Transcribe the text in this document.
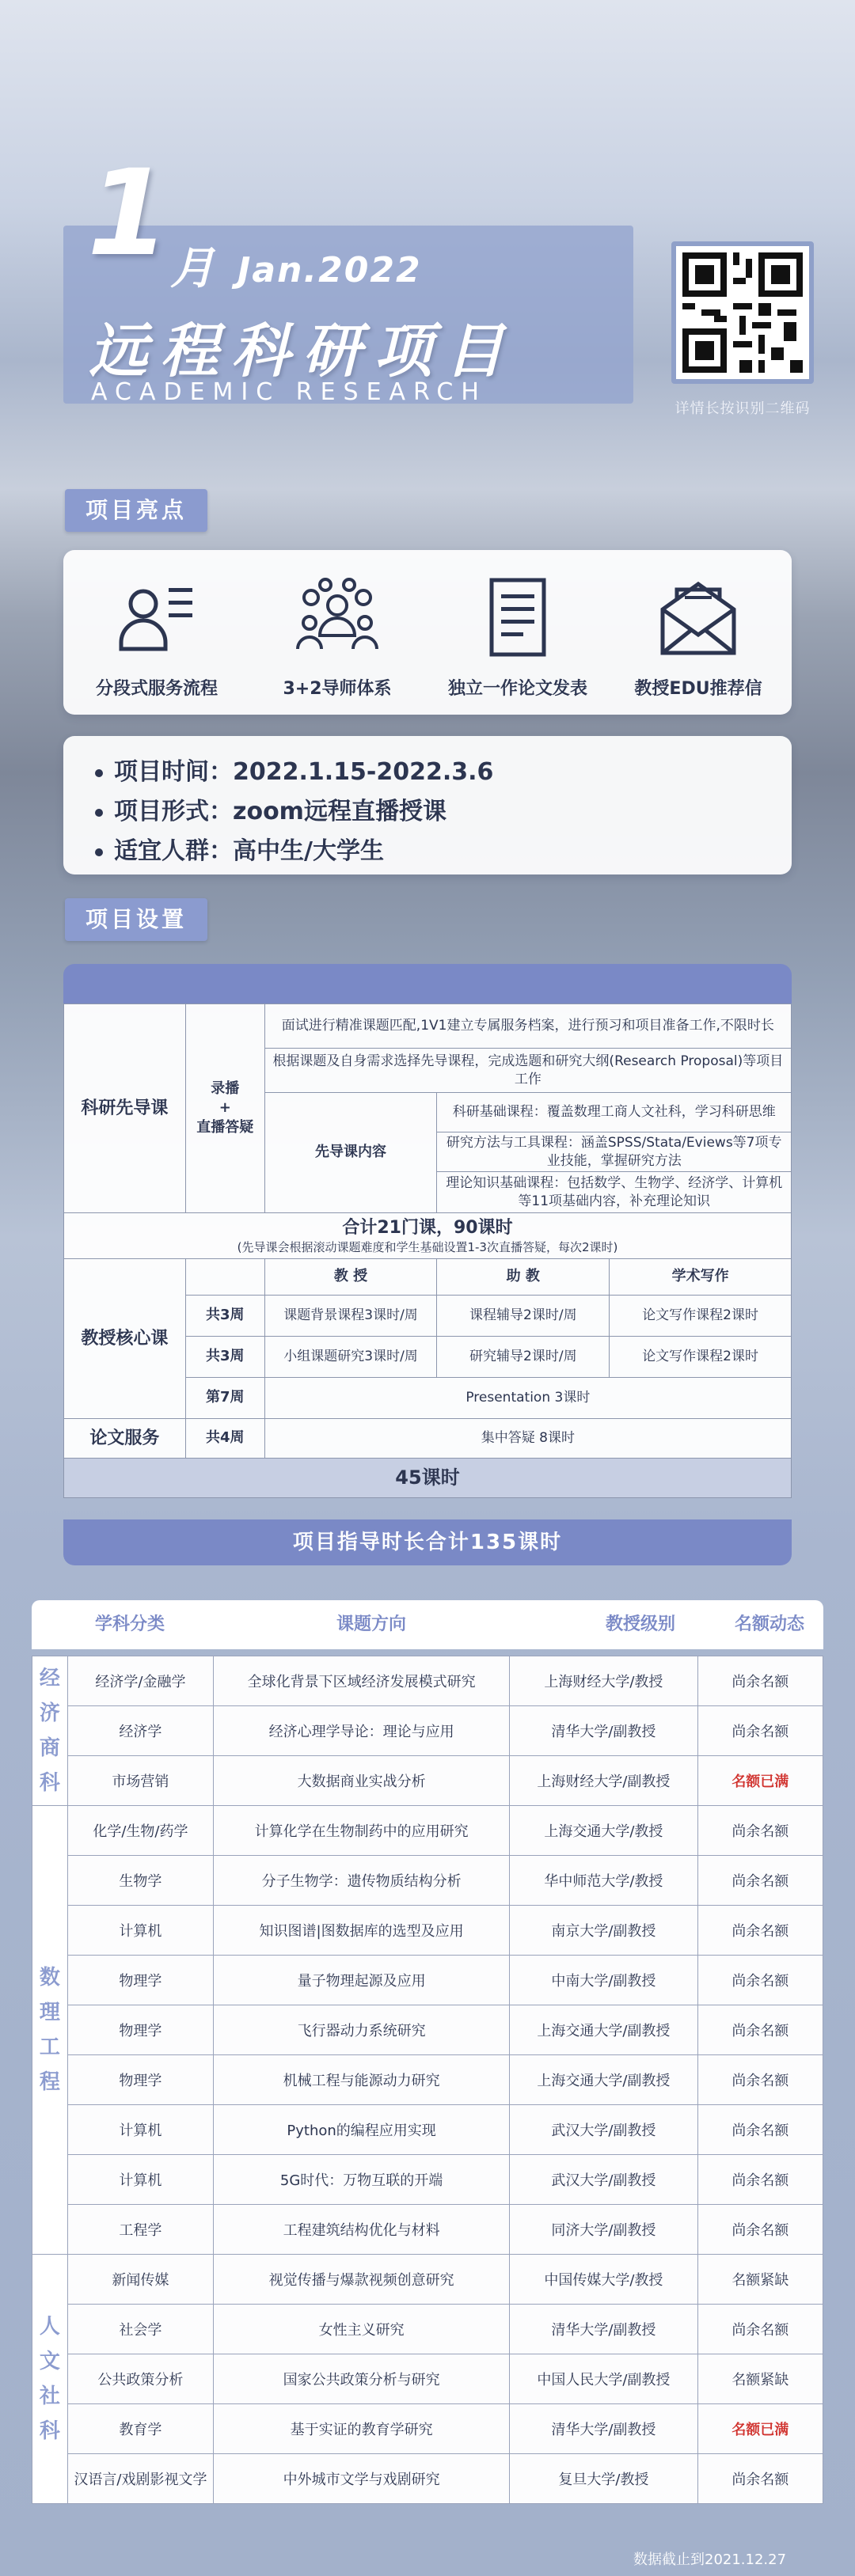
1 月 Jan.2022
远程科研项目
ACADEMIC RESEARCH
详情长按识别二维码
项目亮点
分段式服务流程	3+2导师体系	独立一作论文发表	教授EDU推荐信
项目时间：2022.1.15-2022.3.6
项目形式：zoom远程直播授课
适宜人群：高中生/大学生
项目设置
科研先导课	录播
+
直播答疑	面试进行精准课题匹配,1V1建立专属服务档案，进行预习和项目准备工作,不限时长		
		根据课题及自身需求选择先导课程，完成选题和研究大纲(Research Proposal)等项目工作		
		先导课内容	科研基础课程：覆盖数理工商人文社科，学习科研思维	
			研究方法与工具课程：涵盖SPSS/Stata/Eviews等7项专业技能，掌握研究方法	
			理论知识基础课程：包括数学、生物学、经济学、计算机等11项基础内容，补充理论知识	

合计21门课，90课时
(先导课会根据滚动课题难度和学生基础设置1-3次直播答疑，每次2课时)				

教授核心课		教 授	助 教	学术写作
	共3周	课题背景课程3课时/周	课程辅导2课时/周	论文写作课程2课时
	共3周	小组课题研究3课时/周	研究辅导2课时/周	论文写作课程2课时
	第7周	Presentation 3课时		
论文服务	共4周	集中答疑 8课时		
45课时				
项目指导时长合计135课时
学科分类	课题方向	教授级别	名额动态
经
济
商
科	经济学/金融学	全球化背景下区域经济发展模式研究	上海财经大学/教授	尚余名额
	经济学	经济心理学导论：理论与应用	清华大学/副教授	尚余名额
	市场营销	大数据商业实战分析	上海财经大学/副教授	名额已满
数
理
工
程	化学/生物/药学	计算化学在生物制药中的应用研究	上海交通大学/教授	尚余名额
	生物学	分子生物学：遗传物质结构分析	华中师范大学/教授	尚余名额
	计算机	知识图谱|图数据库的选型及应用	南京大学/副教授	尚余名额
	物理学	量子物理起源及应用	中南大学/副教授	尚余名额
	物理学	飞行器动力系统研究	上海交通大学/副教授	尚余名额
	物理学	机械工程与能源动力研究	上海交通大学/副教授	尚余名额
	计算机	Python的编程应用实现	武汉大学/副教授	尚余名额
	计算机	5G时代：万物互联的开端	武汉大学/副教授	尚余名额
	工程学	工程建筑结构优化与材料	同济大学/副教授	尚余名额
人
文
社
科	新闻传媒	视觉传播与爆款视频创意研究	中国传媒大学/教授	名额紧缺
	社会学	女性主义研究	清华大学/副教授	尚余名额
	公共政策分析	国家公共政策分析与研究	中国人民大学/副教授	名额紧缺
	教育学	基于实证的教育学研究	清华大学/副教授	名额已满
	汉语言/戏剧影视文学	中外城市文学与戏剧研究	复旦大学/教授	尚余名额
数据截止到2021.12.27
